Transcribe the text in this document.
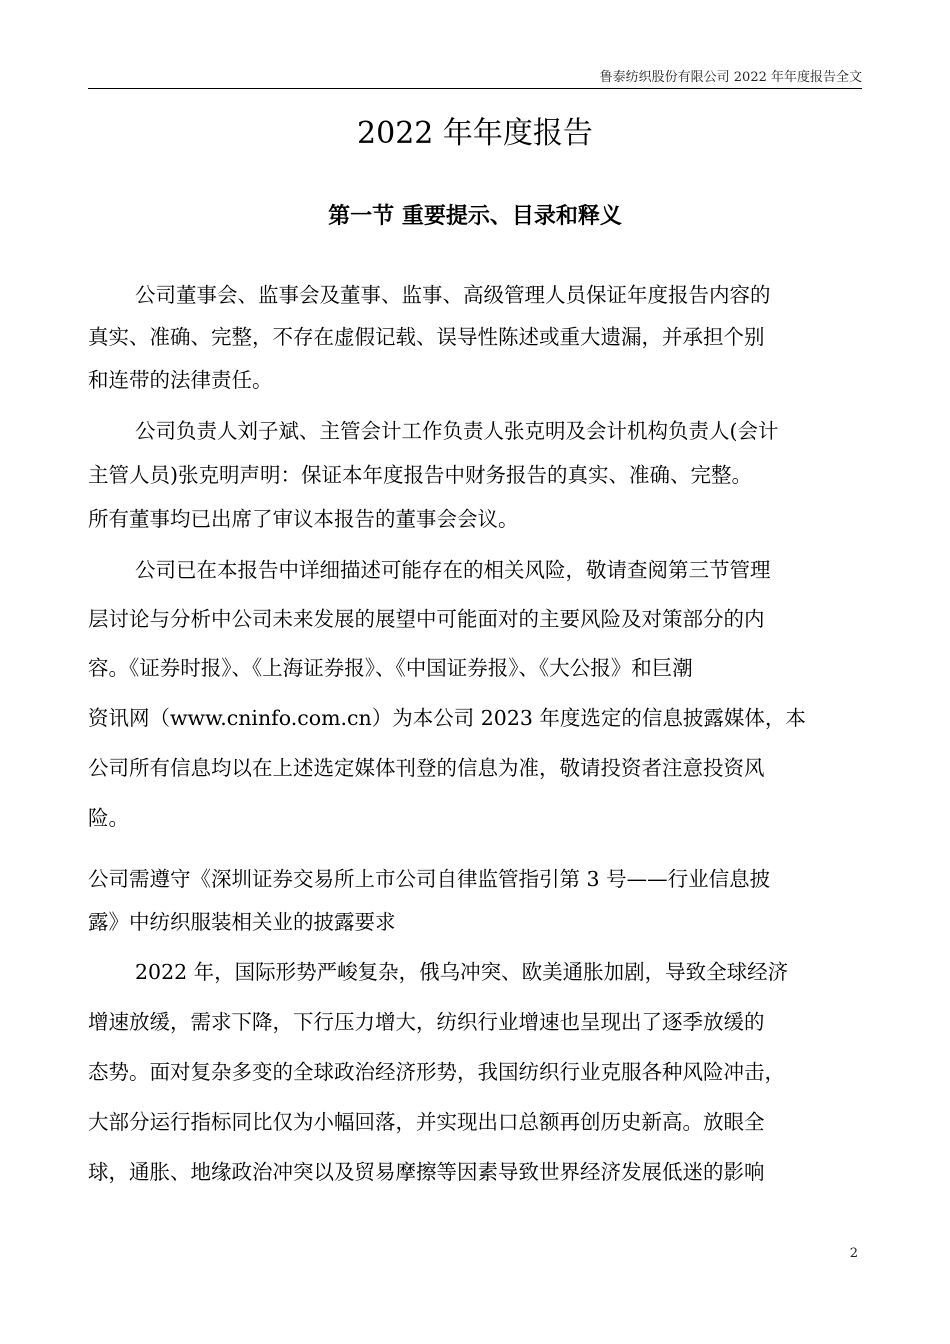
鲁泰纺织股份有限公司 2022 年年度报告全文
2022 年年度报告
第一节 重要提示、目录和释义
公司董事会、监事会及董事、监事、高级管理人员保证年度报告内容的
真实、准确、完整，不存在虚假记载、误导性陈述或重大遗漏，并承担个别
和连带的法律责任。
公司负责人刘子斌、主管会计工作负责人张克明及会计机构负责人(会计
主管人员)张克明声明：保证本年度报告中财务报告的真实、准确、完整。
所有董事均已出席了审议本报告的董事会会议。
公司已在本报告中详细描述可能存在的相关风险，敬请查阅第三节管理
层讨论与分析中公司未来发展的展望中可能面对的主要风险及对策部分的内
容。《证券时报》、《上海证券报》、《中国证券报》、《大公报》和巨潮
资讯网（www.cninfo.com.cn）为本公司 2023 年度选定的信息披露媒体，本
公司所有信息均以在上述选定媒体刊登的信息为准，敬请投资者注意投资风
险。
公司需遵守《深圳证券交易所上市公司自律监管指引第 3 号——行业信息披
露》中纺织服装相关业的披露要求
2022 年，国际形势严峻复杂，俄乌冲突、欧美通胀加剧，导致全球经济
增速放缓，需求下降，下行压力增大，纺织行业增速也呈现出了逐季放缓的
态势。面对复杂多变的全球政治经济形势，我国纺织行业克服各种风险冲击，
大部分运行指标同比仅为小幅回落，并实现出口总额再创历史新高。放眼全
球，通胀、地缘政治冲突以及贸易摩擦等因素导致世界经济发展低迷的影响
2
